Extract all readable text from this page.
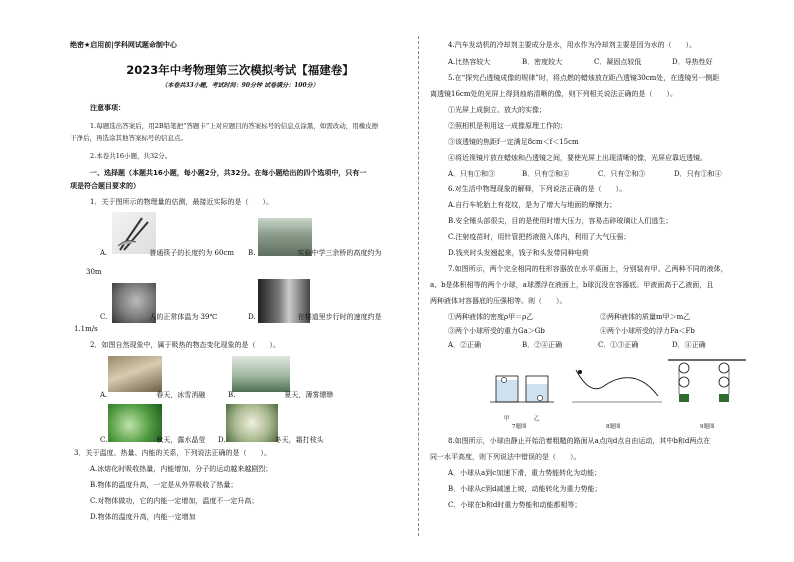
绝密★启用前|学科网试题命制中心
2023年中考物理第三次模拟考试【福建卷】
（本卷共33小题，考试时间：90分钟 试卷满分：100分）
注意事项：
1.每题选出答案后，用2B铅笔把“答题卡”上对应题目的答案标号的信息点涂黑，如需改动，用橡皮擦
干净后，再选涂其他答案标号的信息点。
2.本卷共16小题，共32分。
一、选择题（本题共16小题，每小题2分，共32分。在每小题给出的四个选项中，只有一
项是符合题目要求的）
1．关于图所示的物理量的估测，最接近实际的是（　　）。
A.　　　　　　普通筷子的长度约为 60cm B.　　　　　　实验中学三余桥的高度约为
30m
C.　　　　　　人的正常体温为 39℃	D.　　　　　　在楼道里步行时的速度约是
1.1m/s
2．如图自然现象中，属于吸热的物态变化现象的是（　　）。
A.　　　　　　　春天，冰雪消融	B.　　　　　　　夏天，薄雾缥缈
C.　　　　　　　秋天，露水晶莹 D.　　　　　　　冬天，霜打枝头
3．关于温度、热量、内能的关系，下列说法正确的是（　　）。
A.冰熔化时吸收热量，内能增加，分子的运动越来越剧烈；
B.物体的温度升高，一定是从外界吸收了热量；
C.对物体做功，它的内能一定增加，温度不一定升高；
D.物体的温度升高，内能一定增加
4.汽车发动机的冷却剂主要成分是水，用水作为冷却剂主要是因为水的（　　）。
A.比热容较大	B．密度较大	C．凝固点较低	D．导热性好
5.在“探究凸透镜成像的规律”时，将点燃的蜡烛放在距凸透镜30cm处，在透镜另一侧距
离透镜16cm处的光屏上得到烛焰清晰的像，则下列相关说法正确的是（　　）。
①光屏上成倒立、放大的实像；
②照相机是利用这一成像原理工作的；
③该透镜的焦距f一定满足8cm＜f＜15cm
④将近视镜片放在蜡烛和凸透镜之间，要使光屏上出现清晰的像，光屏应靠近透镜。
A．只有①和③	B．只有②和④	C．只有②和③	D．只有①和④
6.对生活中物理现象的解释，下列说法正确的是（　　）。
A.自行车轮胎上有花纹，是为了增大与地面的摩擦力；
B.安全锤头部很尖，目的是使用时增大压力，容易击碎玻璃让人们逃生；
C.注射疫苗时，用针管把药液推入体内，利用了大气压强；
D.钱夹时头发翘起来，钱子和头发带同种电荷
7.如图所示，两个完全相同的柱形容器放在水平桌面上，分别装有甲、乙两种不同的液体，
a、b是体积相等的两个小球，a球漂浮在液面上，b球沉没在容器底。甲液面高于乙液面，且
两种液体对容器底的压强相等。则（　　）。
①两种液体的密度ρ甲＝ρ乙	②两种液体的质量m甲＞m乙
③两个小球所受的重力Ga＞Gb	④两个小球所受的浮力Fa＜Fb
A．②正确	B．②④正确	C．①③正确	D．④正确
甲	乙
7题图	8题图	9题图
8.如图所示，小球由静止开始沿着粗糙的路面从a点向d点自由运动，其中b和d两点在
同一水平高度，则下列说法中错误的是（　　）。
A．小球从a到c加速下滑，重力势能转化为动能；
B．小球从c到d减速上坡，动能转化为重力势能；
C．小球在b和d时重力势能和动能都相等；
